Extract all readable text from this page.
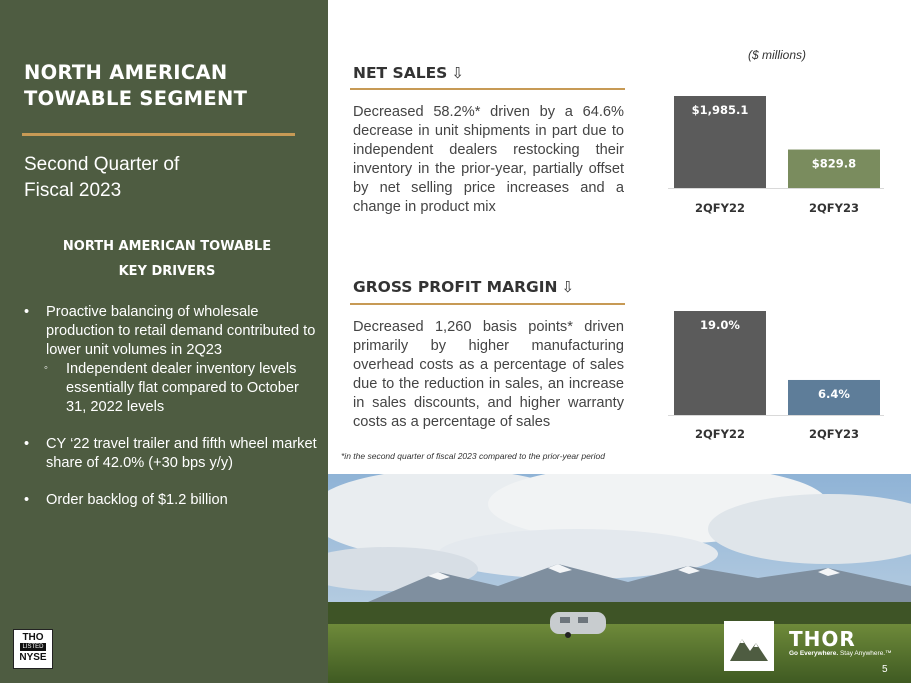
NORTH AMERICAN
TOWABLE SEGMENT
Second Quarter of
Fiscal 2023
NORTH AMERICAN TOWABLE
KEY DRIVERS
• Proactive balancing of wholesale production to retail demand contributed to lower unit volumes in 2Q23
◦ Independent dealer inventory levels essentially flat compared to October 31, 2022 levels
• CY ‘22 travel trailer and fifth wheel market share of 42.0% (+30 bps y/y)
• Order backlog of $1.2 billion
THO
LISTED
NYSE
NET SALES ⇩

Decreased 58.2%* driven by a 64.6% decrease in unit shipments in part due to independent dealers restocking their inventory in the prior-year, partially offset by net selling price increases and a change in product mix

($ millions)
GROSS PROFIT MARGIN ⇩

Decreased 1,260 basis points* driven primarily by higher manufacturing overhead costs as a percentage of sales due to the reduction in sales, an increase in sales discounts, and higher warranty costs as a percentage of sales

*in the second quarter of fiscal 2023 compared to the prior-year period

$1,985.1
2QFY22
$829.8
2QFY23
19.0%
2QFY22
6.4%
2QFY23
THOR
Go Everywhere. Stay Anywhere.™
5
